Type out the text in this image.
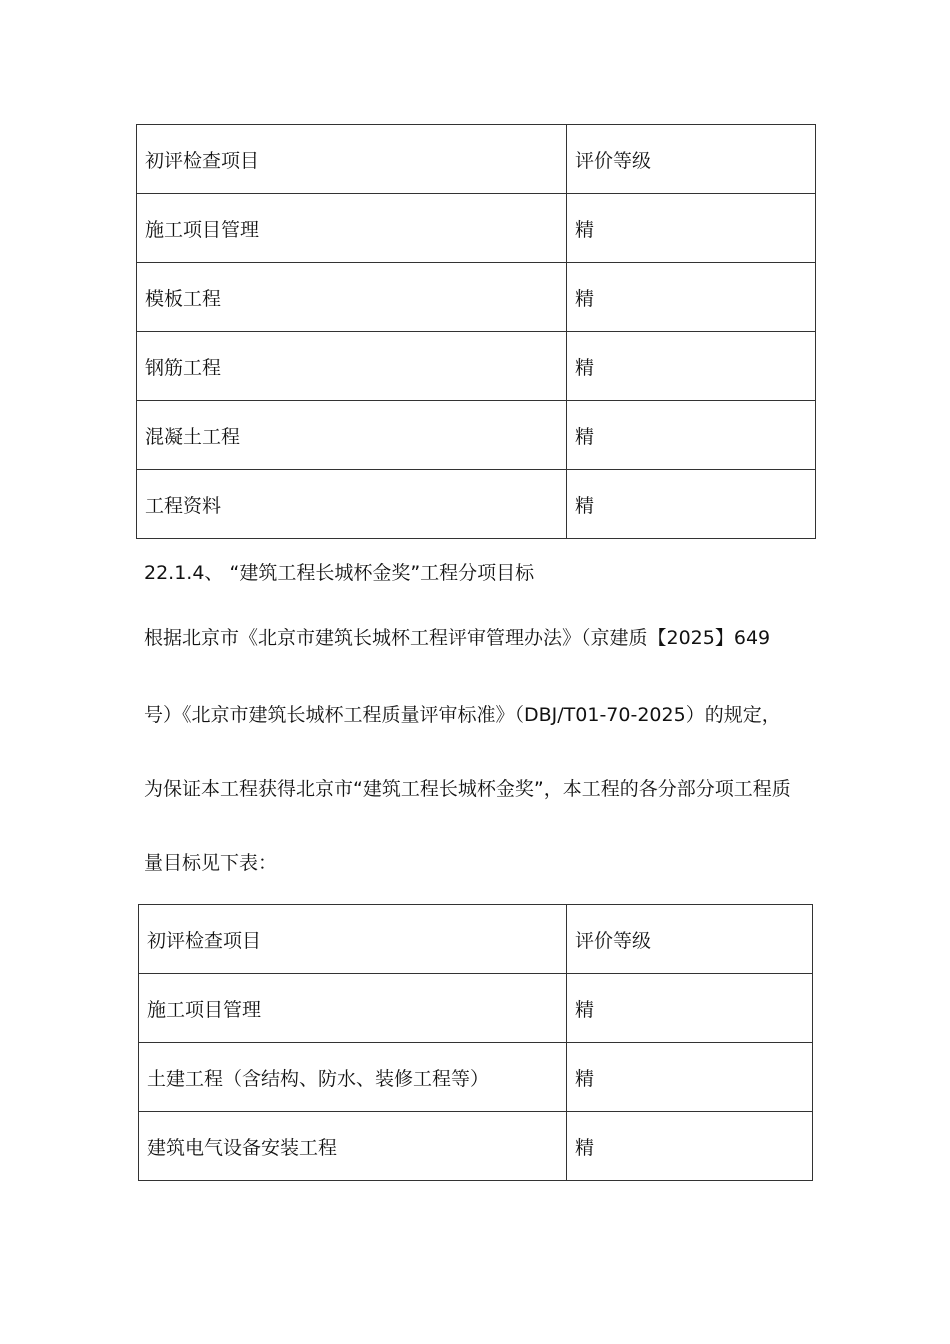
初评检查项目	评价等级
施工项目管理	精
模板工程	精
钢筋工程	精
混凝土工程	精
工程资料	精
22.1.4、 “建筑工程长城杯金奖”工程分项目标
根据北京市《北京市建筑长城杯工程评审管理办法》（京建质【2025】649
号）《北京市建筑长城杯工程质量评审标准》（DBJ/T01-70-2025）的规定，
为保证本工程获得北京市“建筑工程长城杯金奖”，本工程的各分部分项工程质
量目标见下表：
初评检查项目	评价等级
施工项目管理	精
土建工程（含结构、防水、装修工程等）	精
建筑电气设备安装工程	精
